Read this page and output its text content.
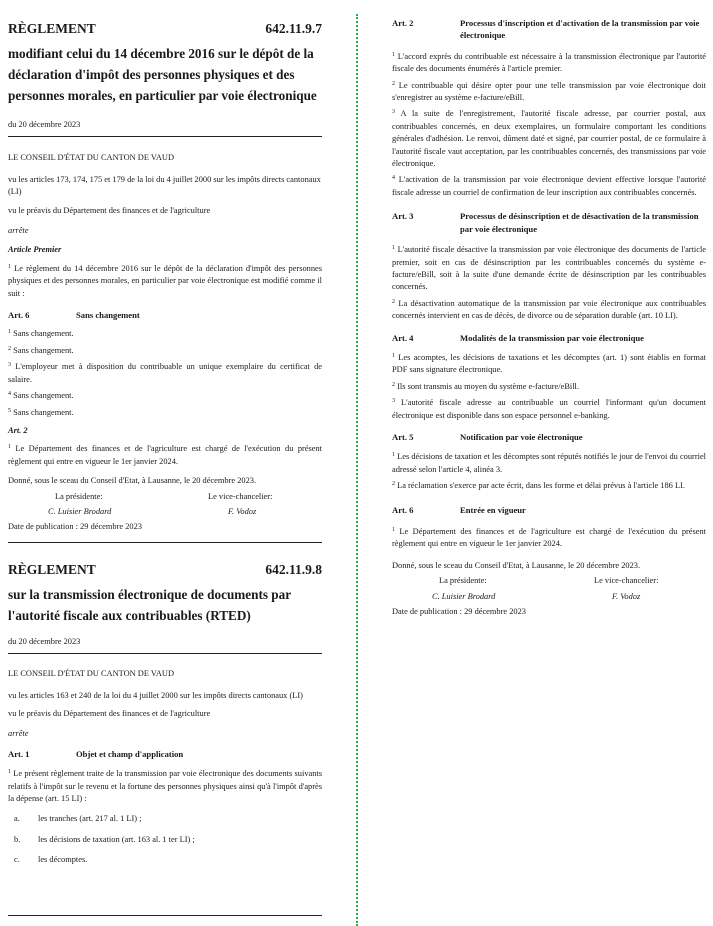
RÈGLEMENT	642.11.9.7

modifiant celui du 14 décembre 2016 sur le dépôt de la déclaration d'impôt des personnes physiques et des personnes morales, en particulier par voie électronique

du 20 décembre 2023

LE CONSEIL D'ÉTAT DU CANTON DE VAUD

vu les articles 173, 174, 175 et 179 de la loi du 4 juillet 2000 sur les impôts directs cantonaux (LI)

vu le préavis du Département des finances et de l'agriculture

arrête

Article Premier

$^1$ Le règlement du 14 décembre 2016 sur le dépôt de la déclaration d'impôt des personnes physiques et des personnes morales, en particulier par voie électronique est modifié comme il suit :

Art. 6	Sans changement

$^1$ Sans changement.

$^2$ Sans changement.

$^3$ L'employeur met à disposition du contribuable un unique exemplaire du certificat de salaire.

$^4$ Sans changement.

$^5$ Sans changement.

Art. 2

$^1$ Le Département des finances et de l'agriculture est chargé de l'exécution du présent règlement qui entre en vigueur le 1er janvier 2024.

Donné, sous le sceau du Conseil d'Etat, à Lausanne, le 20 décembre 2023.

La présidente:	Le vice-chancelier:
C. Luisier Brodard	F. Vodoz

Date de publication : 29 décembre 2023

RÈGLEMENT	642.11.9.8

sur la transmission électronique de documents par l'autorité fiscale aux contribuables (RTED)

du 20 décembre 2023

LE CONSEIL D'ÉTAT DU CANTON DE VAUD

vu les articles 163 et 240 de la loi du 4 juillet 2000 sur les impôts directs cantonaux (LI)

vu le préavis du Département des finances et de l'agriculture

arrête

Art. 1	Objet et champ d'application

$^1$ Le présent règlement traite de la transmission par voie électronique des documents suivants relatifs à l'impôt sur le revenu et la fortune des personnes physiques ainsi qu'à l'impôt d'après la dépense (art. 15 LI) :

a.	les tranches (art. 217 al. 1 LI) ;
b.	les décisions de taxation (art. 163 al. 1 ter LI) ;
c.	les décomptes.
Art. 2	Processus d'inscription et d'activation de la transmission par voie électronique

$^1$ L'accord exprès du contribuable est nécessaire à la transmission électronique par l'autorité fiscale des documents énumérés à l'article premier.

$^2$ Le contribuable qui désire opter pour une telle transmission par voie électronique doit s'enregistrer au système e-facture/eBill.

$^3$ A la suite de l'enregistrement, l'autorité fiscale adresse, par courrier postal, aux contribuables concernés, en deux exemplaires, un formulaire comportant les conditions générales d'adhésion. Le renvoi, dûment daté et signé, par courrier postal, de ce formulaire à l'autorité fiscale vaut acceptation, par les contribuables concernés, des transmissions par voie électronique.

$^4$ L'activation de la transmission par voie électronique devient effective lorsque l'autorité fiscale adresse un courriel de confirmation de leur inscription aux contribuables concernés.

Art. 3	Processus de désinscription et de désactivation de la transmission par voie électronique

$^1$ L'autorité fiscale désactive la transmission par voie électronique des documents de l'article premier, soit en cas de désinscription par les contribuables concernés du système e-facture/eBill, soit à la suite d'une demande écrite de désinscription par les contribuables concernés.

$^2$ La désactivation automatique de la transmission par voie électronique aux contribuables concernés intervient en cas de décès, de divorce ou de séparation durable (art. 10 LI).

Art. 4	Modalités de la transmission par voie électronique

$^1$ Les acomptes, les décisions de taxations et les décomptes (art. 1) sont établis en format PDF sans signature électronique.

$^2$ Ils sont transmis au moyen du système e-facture/eBill.

$^3$ L'autorité fiscale adresse au contribuable un courriel l'informant qu'un document électronique est disponible dans son espace personnel e-banking.

Art. 5	Notification par voie électronique

$^1$ Les décisions de taxation et les décomptes sont réputés notifiés le jour de l'envoi du courriel adressé selon l'article 4, alinéa 3.

$^2$ La réclamation s'exerce par acte écrit, dans les forme et délai prévus à l'article 186 LI.

Art. 6	Entrée en vigueur

$^1$ Le Département des finances et de l'agriculture est chargé de l'exécution du présent règlement qui entre en vigueur le 1er janvier 2024.

Donné, sous le sceau du Conseil d'Etat, à Lausanne, le 20 décembre 2023.

La présidente:	Le vice-chancelier:
C. Luisier Brodard	F. Vodoz

Date de publication : 29 décembre 2023
